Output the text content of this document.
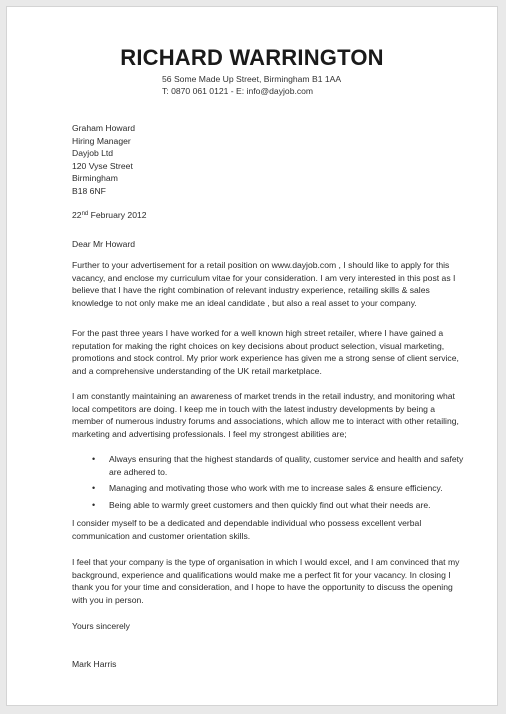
RICHARD WARRINGTON
56 Some Made Up Street, Birmingham B1 1AA
T: 0870 061 0121 - E: info@dayjob.com
Graham Howard
Hiring Manager
Dayjob Ltd
120 Vyse Street
Birmingham
B18 6NF
22nd February 2012
Dear Mr Howard

Further to your advertisement for a retail position on www.dayjob.com , I should like to apply for this vacancy, and enclose my curriculum vitae for your consideration. I am very interested in this post as I believe that I have the right combination of relevant industry experience, retailing skills & sales knowledge to not only make me an ideal candidate , but also a real asset to your company.

For the past three years I have worked for a well known high street retailer, where I have gained a reputation for making the right choices on key decisions about product selection, visual marketing, promotions and stock control. My prior work experience has given me a strong sense of client service, and a comprehensive understanding of the UK retail marketplace.

I am constantly maintaining an awareness of market trends in the retail industry, and monitoring what local competitors are doing. I keep me in touch with the latest industry developments by being a member of numerous industry forums and associations, which allow me to interact with other retailing, marketing and advertising professionals. I feel my strongest abilities are;

• Always ensuring that the highest standards of quality, customer service and health and safety are adhered to.
• Managing and motivating those who work with me to increase sales & ensure efficiency.
• Being able to warmly greet customers and then quickly find out what their needs are.

I consider myself to be a dedicated and dependable individual who possess excellent verbal communication and customer orientation skills.

I feel that your company is the type of organisation in which I would excel, and I am convinced that my background, experience and qualifications would make me a perfect fit for your vacancy. In closing I thank you for your time and consideration, and I hope to have the opportunity to discuss the opening with you in person.

Yours sincerely
Mark Harris
